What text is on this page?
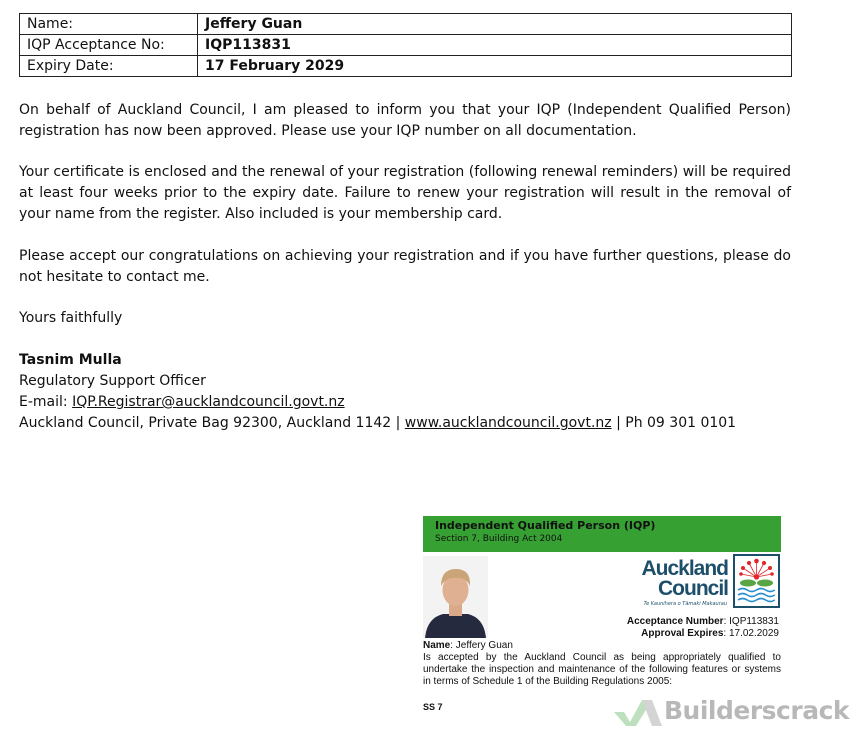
Name:	Jeffery Guan
IQP Acceptance No:	IQP113831
Expiry Date:	17 February 2029

On behalf of Auckland Council, I am pleased to inform you that your IQP (Independent Qualified Person) registration has now been approved. Please use your IQP number on all documentation.

Your certificate is enclosed and the renewal of your registration (following renewal reminders) will be required at least four weeks prior to the expiry date. Failure to renew your registration will result in the removal of your name from the register. Also included is your membership card.

Please accept our congratulations on achieving your registration and if you have further questions, please do not hesitate to contact me.

Yours faithfully

Tasnim Mulla
Regulatory Support Officer
E-mail: IQP.Registrar@aucklandcouncil.govt.nz
Auckland Council, Private Bag 92300, Auckland 1142 | www.aucklandcouncil.govt.nz | Ph 09 301 0101
Independent Qualified Person (IQP)
Section 7, Building Act 2004
Auckland
Council
Te Kaunihera o Tāmaki Makaurau
Acceptance Number: IQP113831
Approval Expires: 17.02.2029
Name: Jeffery Guan
Is accepted by the Auckland Council as being appropriately qualified to undertake the inspection and maintenance of the following features or systems in terms of Schedule 1 of the Building Regulations 2005:
SS 7	Builderscrack
